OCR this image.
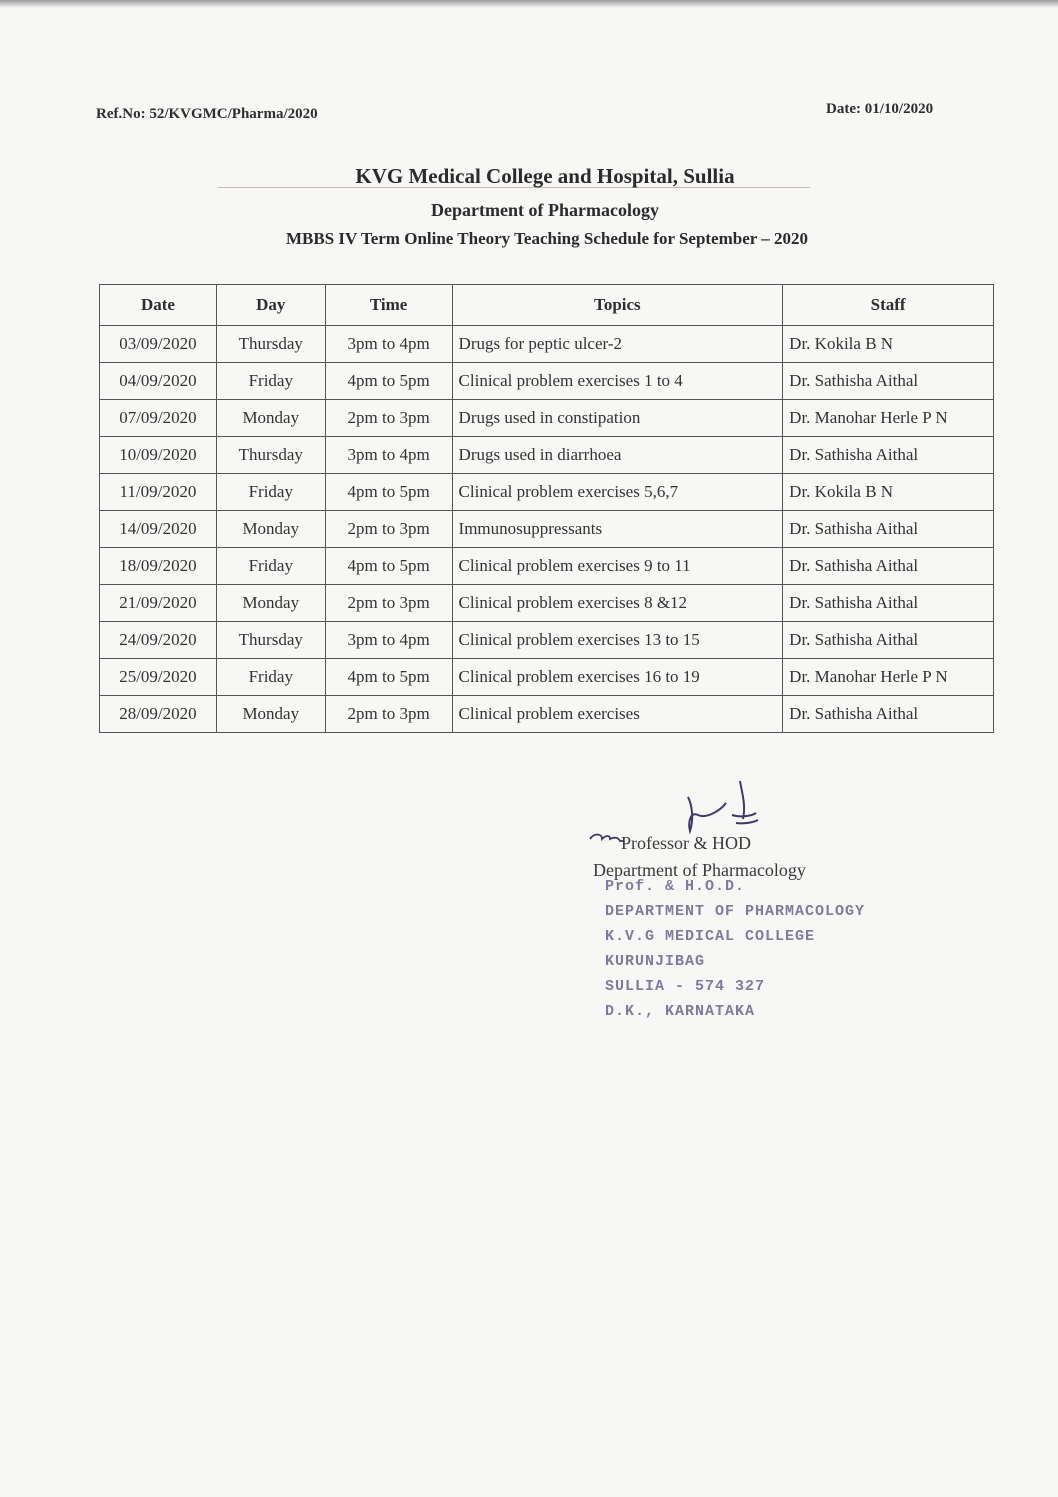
Ref.No: 52/KVGMC/Pharma/2020	Date: 01/10/2020
KVG Medical College and Hospital, Sullia
Department of Pharmacology
MBBS IV Term Online Theory Teaching Schedule for September – 2020
Date	Day	Time	Topics	Staff
03/09/2020	Thursday	3pm to 4pm	Drugs for peptic ulcer-2	Dr. Kokila B N
04/09/2020	Friday	4pm to 5pm	Clinical problem exercises 1 to 4	Dr. Sathisha Aithal
07/09/2020	Monday	2pm to 3pm	Drugs used in constipation	Dr. Manohar Herle P N
10/09/2020	Thursday	3pm to 4pm	Drugs used in diarrhoea	Dr. Sathisha Aithal
11/09/2020	Friday	4pm to 5pm	Clinical problem exercises 5,6,7	Dr. Kokila B N
14/09/2020	Monday	2pm to 3pm	Immunosuppressants	Dr. Sathisha Aithal
18/09/2020	Friday	4pm to 5pm	Clinical problem exercises 9 to 11	Dr. Sathisha Aithal
21/09/2020	Monday	2pm to 3pm	Clinical problem exercises 8 &12	Dr. Sathisha Aithal
24/09/2020	Thursday	3pm to 4pm	Clinical problem exercises 13 to 15	Dr. Sathisha Aithal
25/09/2020	Friday	4pm to 5pm	Clinical problem exercises 16 to 19	Dr. Manohar Herle P N
28/09/2020	Monday	2pm to 3pm	Clinical problem exercises	Dr. Sathisha Aithal
Professor & HOD
Department of Pharmacology
Prof. & H.O.D.
DEPARTMENT OF PHARMACOLOGY
K.V.G MEDICAL COLLEGE
KURUNJIBAG
SULLIA - 574 327
D.K., KARNATAKA
